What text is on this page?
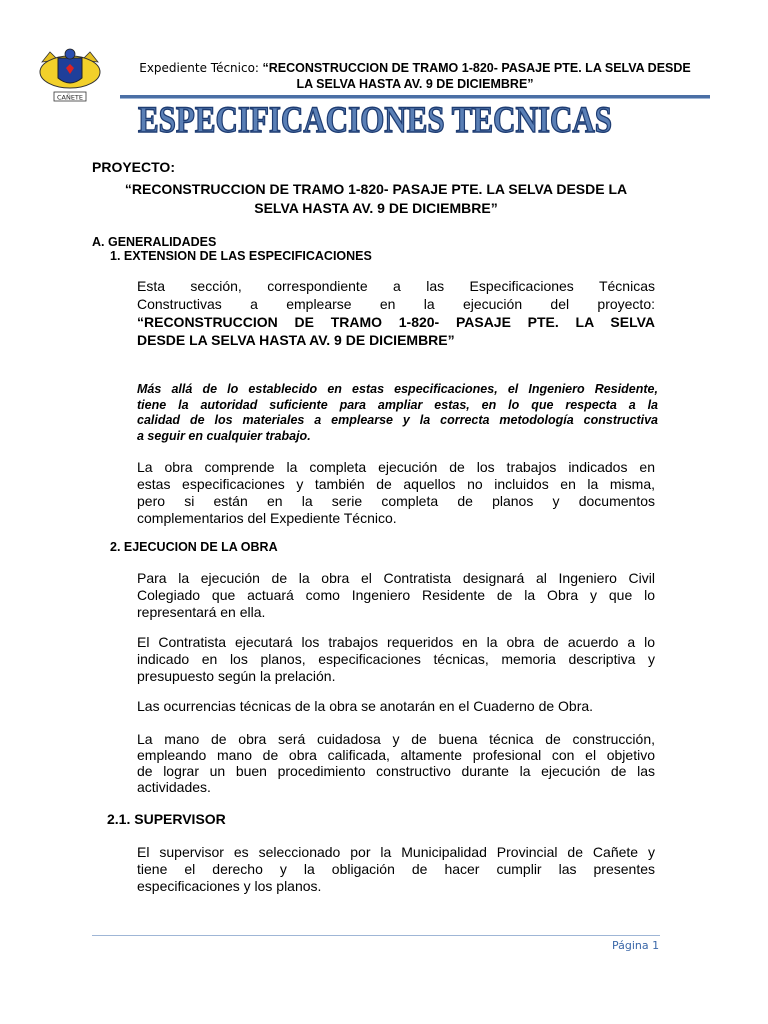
CAÑETE
Expediente Técnico: “RECONSTRUCCION DE TRAMO 1-820- PASAJE PTE. LA SELVA DESDE
LA SELVA HASTA AV. 9 DE DICIEMBRE”
ESPECIFICACIONES TECNICAS
PROYECTO:
“RECONSTRUCCION DE TRAMO 1-820- PASAJE PTE. LA SELVA DESDE LA
SELVA HASTA AV. 9 DE DICIEMBRE”
A. GENERALIDADES
1. EXTENSION DE LAS ESPECIFICACIONES
Esta sección, correspondiente a las Especificaciones Técnicas
Constructivas a emplearse en la ejecución del proyecto:
“RECONSTRUCCION DE TRAMO 1-820- PASAJE PTE. LA SELVA
DESDE LA SELVA HASTA AV. 9 DE DICIEMBRE”
Más allá de lo establecido en estas especificaciones, el Ingeniero Residente,
tiene la autoridad suficiente para ampliar estas, en lo que respecta a la
calidad de los materiales a emplearse y la correcta metodología constructiva
a seguir en cualquier trabajo.
La obra comprende la completa ejecución de los trabajos indicados en
estas especificaciones y también de aquellos no incluidos en la misma,
pero si están en la serie completa de planos y documentos
complementarios del Expediente Técnico.
2. EJECUCION DE LA OBRA
Para la ejecución de la obra el Contratista designará al Ingeniero Civil
Colegiado que actuará como Ingeniero Residente de la Obra y que lo
representará en ella.
El Contratista ejecutará los trabajos requeridos en la obra de acuerdo a lo
indicado en los planos, especificaciones técnicas, memoria descriptiva y
presupuesto según la prelación.
Las ocurrencias técnicas de la obra se anotarán en el Cuaderno de Obra.
La mano de obra será cuidadosa y de buena técnica de construcción,
empleando mano de obra calificada, altamente profesional con el objetivo
de lograr un buen procedimiento constructivo durante la ejecución de las
actividades.
2.1. SUPERVISOR
El supervisor es seleccionado por la Municipalidad Provincial de Cañete y
tiene el derecho y la obligación de hacer cumplir las presentes
especificaciones y los planos.
Página 1
